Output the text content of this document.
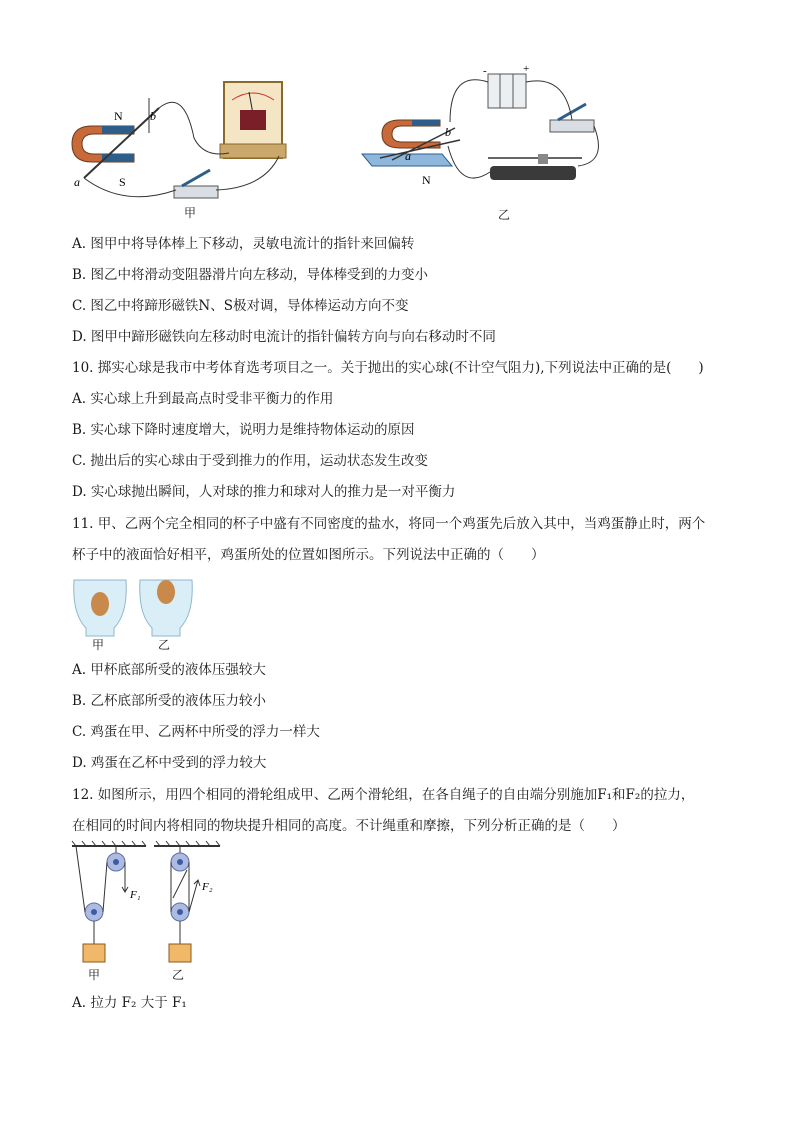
N
S
a
b
甲
-	+
a
b
N
乙
A. 图甲中将导体棒上下移动，灵敏电流计的指针来回偏转
B. 图乙中将滑动变阻器滑片向左移动，导体棒受到的力变小
C. 图乙中将蹄形磁铁N、S极对调，导体棒运动方向不变
D. 图甲中蹄形磁铁向左移动时电流计的指针偏转方向与向右移动时不同
10. 掷实心球是我市中考体育选考项目之一。关于抛出的实心球(不计空气阻力),下列说法中正确的是(　　)
A. 实心球上升到最高点时受非平衡力的作用
B. 实心球下降时速度增大，说明力是维持物体运动的原因
C. 抛出后的实心球由于受到推力的作用，运动状态发生改变
D. 实心球抛出瞬间，人对球的推力和球对人的推力是一对平衡力
11. 甲、乙两个完全相同的杯子中盛有不同密度的盐水，将同一个鸡蛋先后放入其中，当鸡蛋静止时，两个
杯子中的液面恰好相平，鸡蛋所处的位置如图所示。下列说法中正确的（　　）
甲	乙
A. 甲杯底部所受的液体压强较大
B. 乙杯底部所受的液体压力较小
C. 鸡蛋在甲、乙两杯中所受的浮力一样大
D. 鸡蛋在乙杯中受到的浮力较大
12. 如图所示，用四个相同的滑轮组成甲、乙两个滑轮组，在各自绳子的自由端分别施加F₁和F₂的拉力，
在相同的时间内将相同的物块提升相同的高度。不计绳重和摩擦，下列分析正确的是（　　）
F₁
F₂
甲	乙
A. 拉力 F₂ 大于 F₁
